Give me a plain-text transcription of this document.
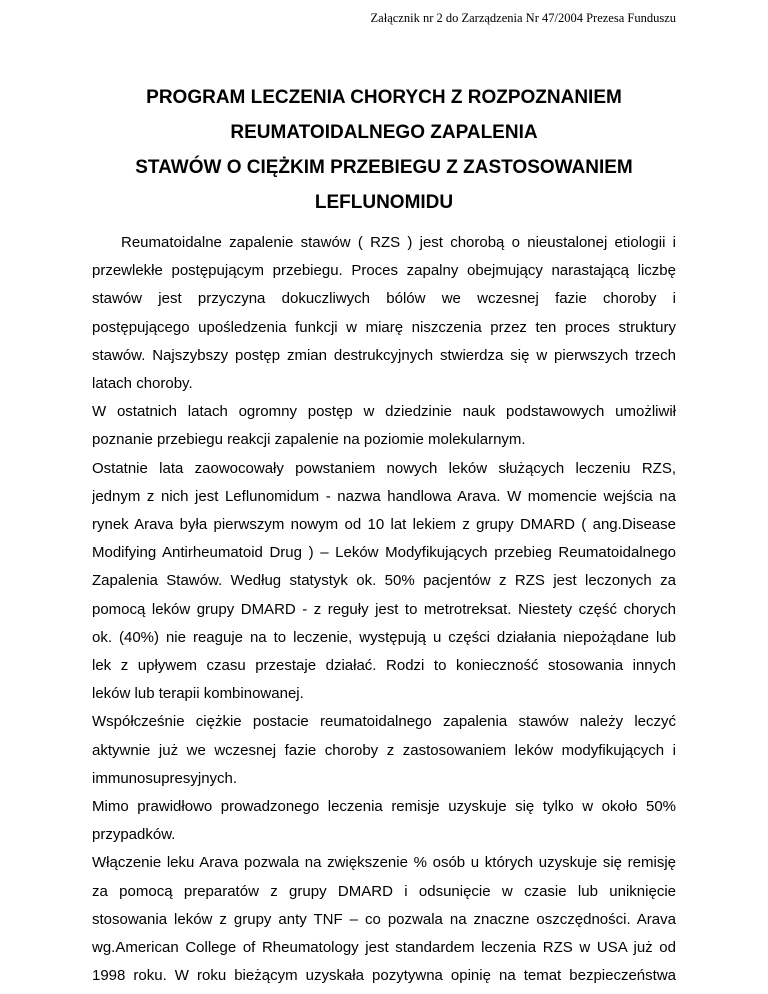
Załącznik nr 2 do Zarządzenia Nr 47/2004 Prezesa Funduszu
PROGRAM LECZENIA CHORYCH Z ROZPOZNANIEM
REUMATOIDALNEGO ZAPALENIA
STAWÓW O CIĘŻKIM PRZEBIEGU Z ZASTOSOWANIEM
LEFLUNOMIDU
Reumatoidalne zapalenie stawów ( RZS ) jest chorobą o nieustalonej etiologii i
przewlekłe postępującym przebiegu. Proces zapalny obejmujący narastającą liczbę
stawów jest przyczyna dokuczliwych bólów we wczesnej fazie choroby i
postępującego upośledzenia funkcji w miarę niszczenia przez ten proces struktury
stawów. Najszybszy postęp zmian destrukcyjnych stwierdza się w pierwszych trzech
latach choroby.
W ostatnich latach ogromny postęp w dziedzinie nauk podstawowych umożliwił
poznanie przebiegu reakcji zapalenie na poziomie molekularnym.
Ostatnie lata zaowocowały powstaniem nowych leków służących leczeniu RZS,
jednym z nich jest Leflunomidum - nazwa handlowa Arava. W momencie wejścia na
rynek Arava była pierwszym nowym od 10 lat lekiem z grupy DMARD ( ang.Disease
Modifying Antirheumatoid Drug ) – Leków Modyfikujących przebieg Reumatoidalnego
Zapalenia Stawów. Według statystyk ok. 50% pacjentów z RZS jest leczonych za
pomocą leków grupy DMARD - z reguły jest to metrotreksat. Niestety część chorych
ok. (40%) nie reaguje na to leczenie, występują u części działania niepożądane lub
lek z upływem czasu przestaje działać. Rodzi to konieczność stosowania innych
leków lub terapii kombinowanej.
Współcześnie ciężkie postacie reumatoidalnego zapalenia stawów należy leczyć
aktywnie już we wczesnej fazie choroby z zastosowaniem leków modyfikujących i
immunosupresyjnych.
Mimo prawidłowo prowadzonego leczenia remisje uzyskuje się tylko w około 50%
przypadków.
Włączenie leku Arava pozwala na zwiększenie % osób u których uzyskuje się remisję
za pomocą preparatów z grupy DMARD i odsunięcie w czasie lub uniknięcie
stosowania leków z grupy anty TNF – co pozwala na znaczne oszczędności. Arava
wg.American College of Rheumatology jest standardem leczenia RZS w USA już od
1998 roku. W roku bieżącym uzyskała pozytywna opinię na temat bezpieczeństwa
